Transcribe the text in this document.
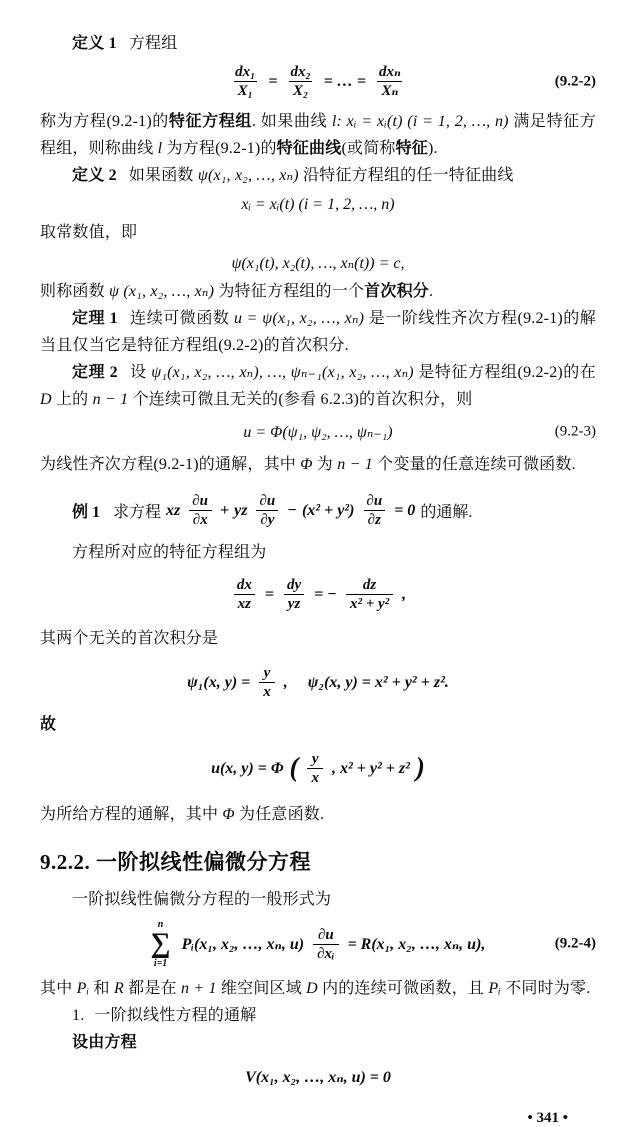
定义 1 方程组

$\frac{\text{dx₁}}{\text{X₁}} = \frac{\text{dx₂}}{\text{X₂}}$ = … = $\frac{\text{dxₙ}}{\text{Xₙ}}$	(9.2-2)

称为方程(9.2-1)的特征方程组. 如果曲线 l: xᵢ = xᵢ(t) (i = 1, 2, …, n) 满足特征方程组，则称曲线 l 为方程(9.2-1)的特征曲线(或简称特征).

定义 2 如果函数 ψ(x₁, x₂, …, xₙ) 沿特征方程组的任一特征曲线

xᵢ = xᵢ(t) (i = 1, 2, …, n)

取常数值，即

ψ(x₁(t), x₂(t), …, xₙ(t)) = c,

则称函数 ψ (x₁, x₂, …, xₙ) 为特征方程组的一个首次积分.

定理 1 连续可微函数 u = ψ(x₁, x₂, …, xₙ) 是一阶线性齐次方程(9.2-1)的解当且仅当它是特征方程组(9.2-2)的首次积分.

定理 2 设 ψ₁(x₁, x₂, …, xₙ), …, ψₙ₋₁(x₁, x₂, …, xₙ) 是特征方程组(9.2-2)的在 D 上的 n − 1 个连续可微且无关的(参看 6.2.3)的首次积分，则

u = Φ(ψ₁, ψ₂, …, ψₙ₋₁)	(9.2-3)

为线性齐次方程(9.2-1)的通解，其中 Φ 为 n − 1 个变量的任意连续可微函数.

例 1 求方程 xz $\frac{\partial u}{\partial x}$ + yz $\frac{\partial u}{\partial y} - (x^2 + y^2) \frac{\partial u}{\partial z} = 0$ 的通解.

方程所对应的特征方程组为

$\frac{dx}{xz} = \frac{dy}{yz}$ = − $\frac{dz}{\text{x² + y²}}$ ,

其两个无关的首次积分是

ψ₁(x, $y) = \frac{y}{x}$ , ψ₂(x, y) = x² + y² + z².

故

u(x, y) = Φ ( $\frac{y}{x}$ , x² + y² + z² )

为所给方程的通解，其中 Φ 为任意函数.

9.2.2. 一阶拟线性偏微分方程

一阶拟线性偏微分方程的一般形式为

n
∑
i=1
Pᵢ(x₁, x₂, …, xₙ, $u) \frac{\partial u}{\text{∂xᵢ}} = R(x_1$, x₂, …, xₙ, u),	(9.2-4)

其中 Pᵢ 和 R 都是在 n + 1 维空间区域 D 内的连续可微函数，且 Pᵢ 不同时为零.

1. 一阶拟线性方程的通解

设由方程

V(x₁, x₂, …, xₙ, u) = 0
• 341 •
